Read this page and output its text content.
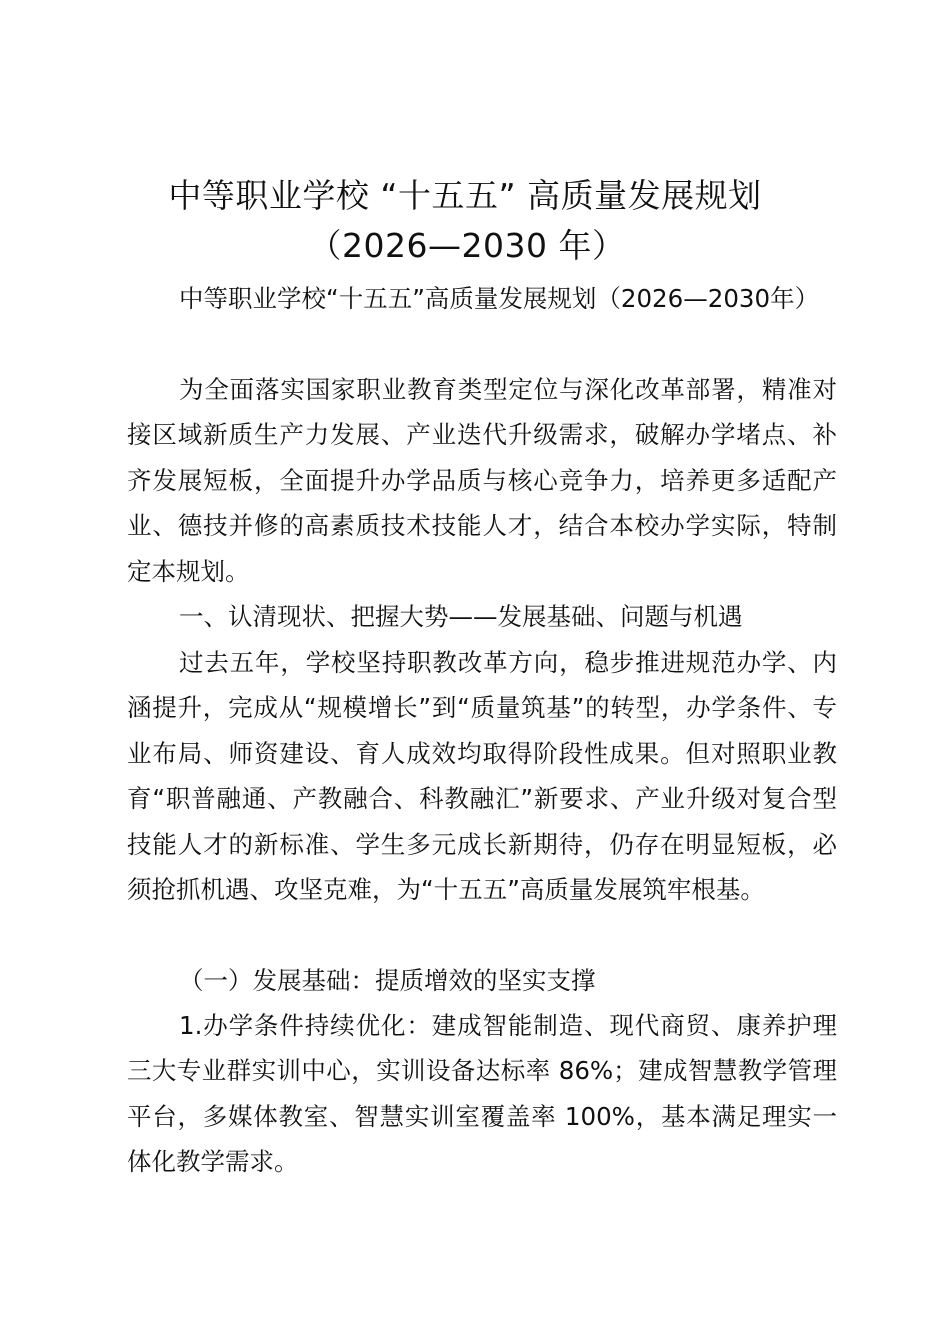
中等职业学校 “十五五” 高质量发展规划
（2026—2030 年）

中等职业学校“十五五”高质量发展规划（2026—2030年）

为全面落实国家职业教育类型定位与深化改革部署，精准对接区域新质生产力发展、产业迭代升级需求，破解办学堵点、补齐发展短板，全面提升办学品质与核心竞争力，培养更多适配产业、德技并修的高素质技术技能人才，结合本校办学实际，特制定本规划。

一、认清现状、把握大势——发展基础、问题与机遇

过去五年，学校坚持职教改革方向，稳步推进规范办学、内涵提升，完成从“规模增长”到“质量筑基”的转型，办学条件、专业布局、师资建设、育人成效均取得阶段性成果。但对照职业教育“职普融通、产教融合、科教融汇”新要求、产业升级对复合型技能人才的新标准、学生多元成长新期待，仍存在明显短板，必须抢抓机遇、攻坚克难，为“十五五”高质量发展筑牢根基。

（一）发展基础：提质增效的坚实支撑

1.办学条件持续优化：建成智能制造、现代商贸、康养护理三大专业群实训中心，实训设备达标率 86%；建成智慧教学管理平台，多媒体教室、智慧实训室覆盖率 100%，基本满足理实一体化教学需求。
